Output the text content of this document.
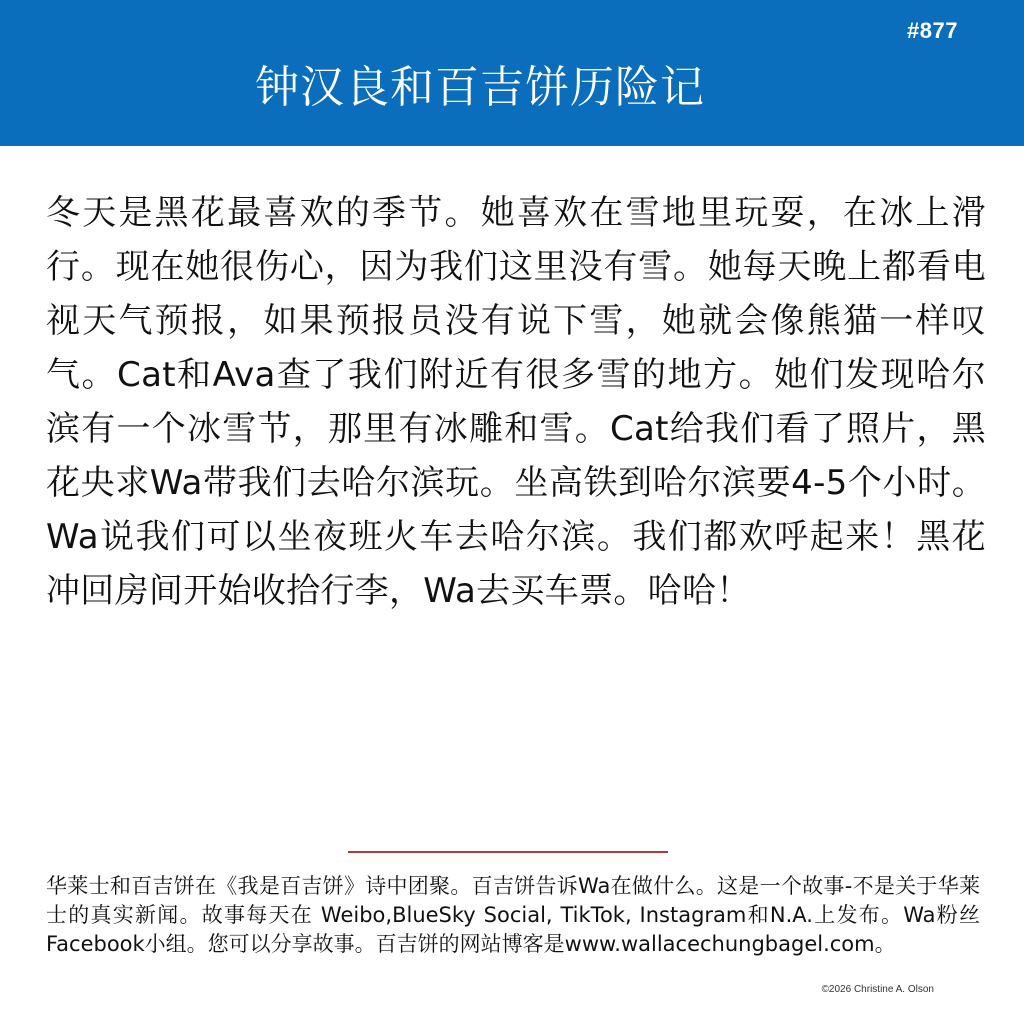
#877
钟汉良和百吉饼历险记
冬天是黑花最喜欢的季节。她喜欢在雪地里玩耍，在冰上滑行。现在她很伤心，因为我们这里没有雪。她每天晚上都看电视天气预报，如果预报员没有说下雪，她就会像熊猫一样叹气。Cat和Ava查了我们附近有很多雪的地方。她们发现哈尔滨有一个冰雪节，那里有冰雕和雪。Cat给我们看了照片，黑花央求Wa带我们去哈尔滨玩。坐高铁到哈尔滨要4-5个小时。Wa说我们可以坐夜班火车去哈尔滨。我们都欢呼起来！黑花冲回房间开始收拾行李，Wa去买车票。哈哈！
华莱士和百吉饼在《我是百吉饼》诗中团聚。百吉饼告诉Wa在做什么。这是一个故事-不是关于华莱士的真实新闻。故事每天在 Weibo,BlueSky Social, TikTok, Instagram和N.A.上发布。Wa粉丝Facebook小组。您可以分享故事。百吉饼的网站博客是www.wallacechungbagel.com。
©2026 Christine A. Olson
